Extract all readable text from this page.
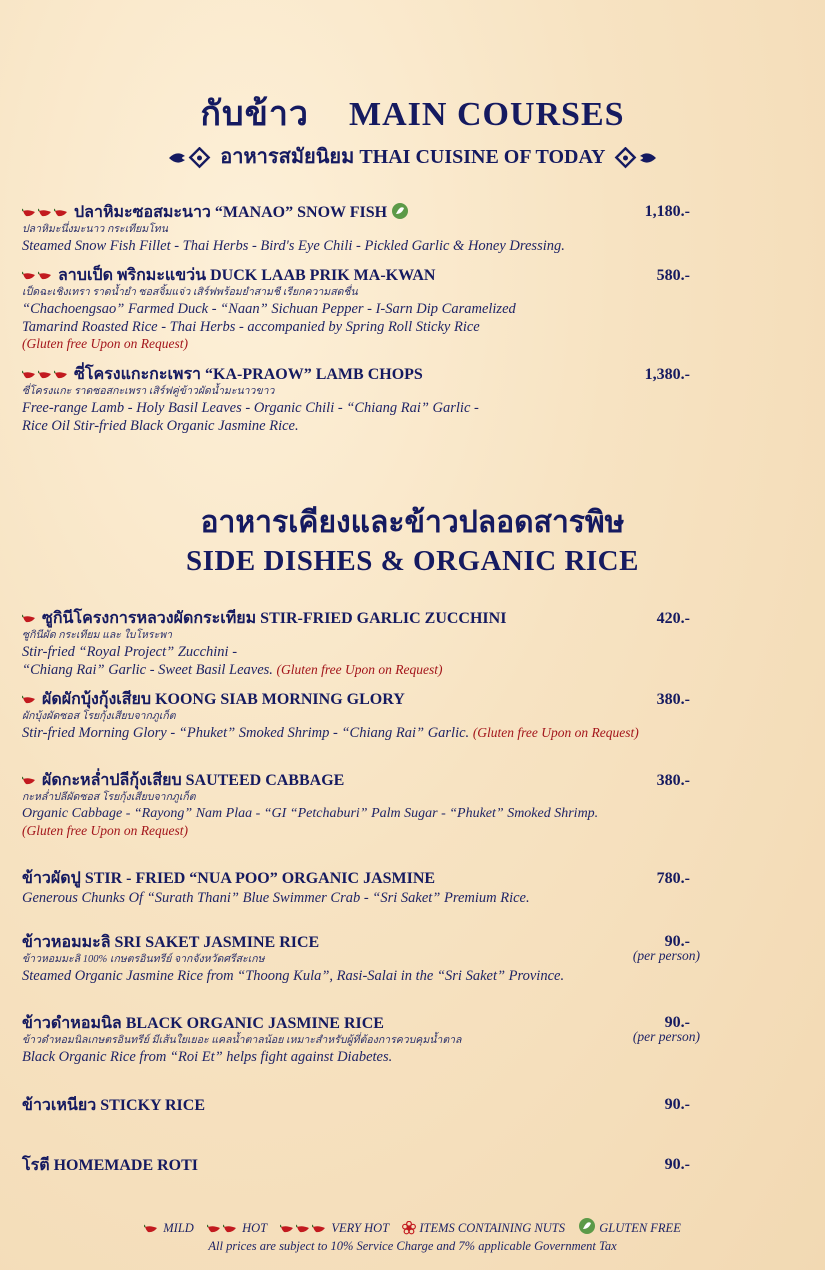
กับข้าว MAIN COURSES
อาหารสมัยนิยม THAI CUISINE OF TODAY
ปลาหิมะซอสมะนาว “MANAO” SNOW FISH
ปลาหิมะนึ่งมะนาว กระเทียมโทน
Steamed Snow Fish Fillet - Thai Herbs - Bird's Eye Chili - Pickled Garlic & Honey Dressing.
1,180.-
ลาบเป็ด พริกมะแขว่น DUCK LAAB PRIK MA-KWAN
เป็ดฉะเชิงเทรา ราดน้ำยำ ซอสจิ้มแจ่ว เสิร์ฟพร้อมยำสามชี เรียกความสดชื่น
“Chachoengsao” Farmed Duck - “Naan” Sichuan Pepper - I-Sarn Dip Caramelized
Tamarind Roasted Rice - Thai Herbs - accompanied by Spring Roll Sticky Rice
(Gluten free Upon on Request)
580.-
ซี่โครงแกะกะเพรา “KA-PRAOW” LAMB CHOPS
ซี่โครงแกะ ราดซอสกะเพรา เสิร์ฟคู่ข้าวผัดน้ำมะนาวขาว
Free-range Lamb - Holy Basil Leaves - Organic Chili - “Chiang Rai” Garlic -
Rice Oil Stir-fried Black Organic Jasmine Rice.
1,380.-
อาหารเคียงและข้าวปลอดสารพิษ
SIDE DISHES & ORGANIC RICE
ซูกินีโครงการหลวงผัดกระเทียม STIR-FRIED GARLIC ZUCCHINI
ซูกินีผัด กระเทียม และ ใบโหระพา
Stir-fried “Royal Project” Zucchini -
“Chiang Rai” Garlic - Sweet Basil Leaves. (Gluten free Upon on Request)
420.-
ผัดผักบุ้งกุ้งเสียบ KOONG SIAB MORNING GLORY
ผักบุ้งผัดซอส โรยกุ้งเสียบจากภูเก็ต
Stir-fried Morning Glory - “Phuket” Smoked Shrimp - “Chiang Rai” Garlic. (Gluten free Upon on Request)
380.-
ผัดกะหล่ำปลีกุ้งเสียบ SAUTEED CABBAGE
กะหล่ำปลีผัดซอส โรยกุ้งเสียบจากภูเก็ต
Organic Cabbage - “Rayong” Nam Plaa - “GI “Petchaburi” Palm Sugar - “Phuket” Smoked Shrimp.
(Gluten free Upon on Request)
380.-
ข้าวผัดปู STIR - FRIED “NUA POO” ORGANIC JASMINE
Generous Chunks Of “Surath Thani” Blue Swimmer Crab - “Sri Saket” Premium Rice.
780.-
ข้าวหอมมะลิ SRI SAKET JASMINE RICE
ข้าวหอมมะลิ 100% เกษตรอินทรีย์ จากจังหวัดศรีสะเกษ
Steamed Organic Jasmine Rice from “Thoong Kula”, Rasi-Salai in the “Sri Saket” Province.
90.-
(per person)
ข้าวดำหอมนิล BLACK ORGANIC JASMINE RICE
ข้าวดำหอมนิลเกษตรอินทรีย์ มีเส้นใยเยอะ แคลน้ำตาลน้อย เหมาะสำหรับผู้ที่ต้องการควบคุมน้ำตาล
Black Organic Rice from “Roi Et” helps fight against Diabetes.
90.-
(per person)
ข้าวเหนียว STICKY RICE	90.-
โรตี HOMEMADE ROTI	90.-
MILD	HOT	VERY HOT ITEMS CONTAINING NUTS	GLUTEN FREE
All prices are subject to 10% Service Charge and 7% applicable Government Tax
